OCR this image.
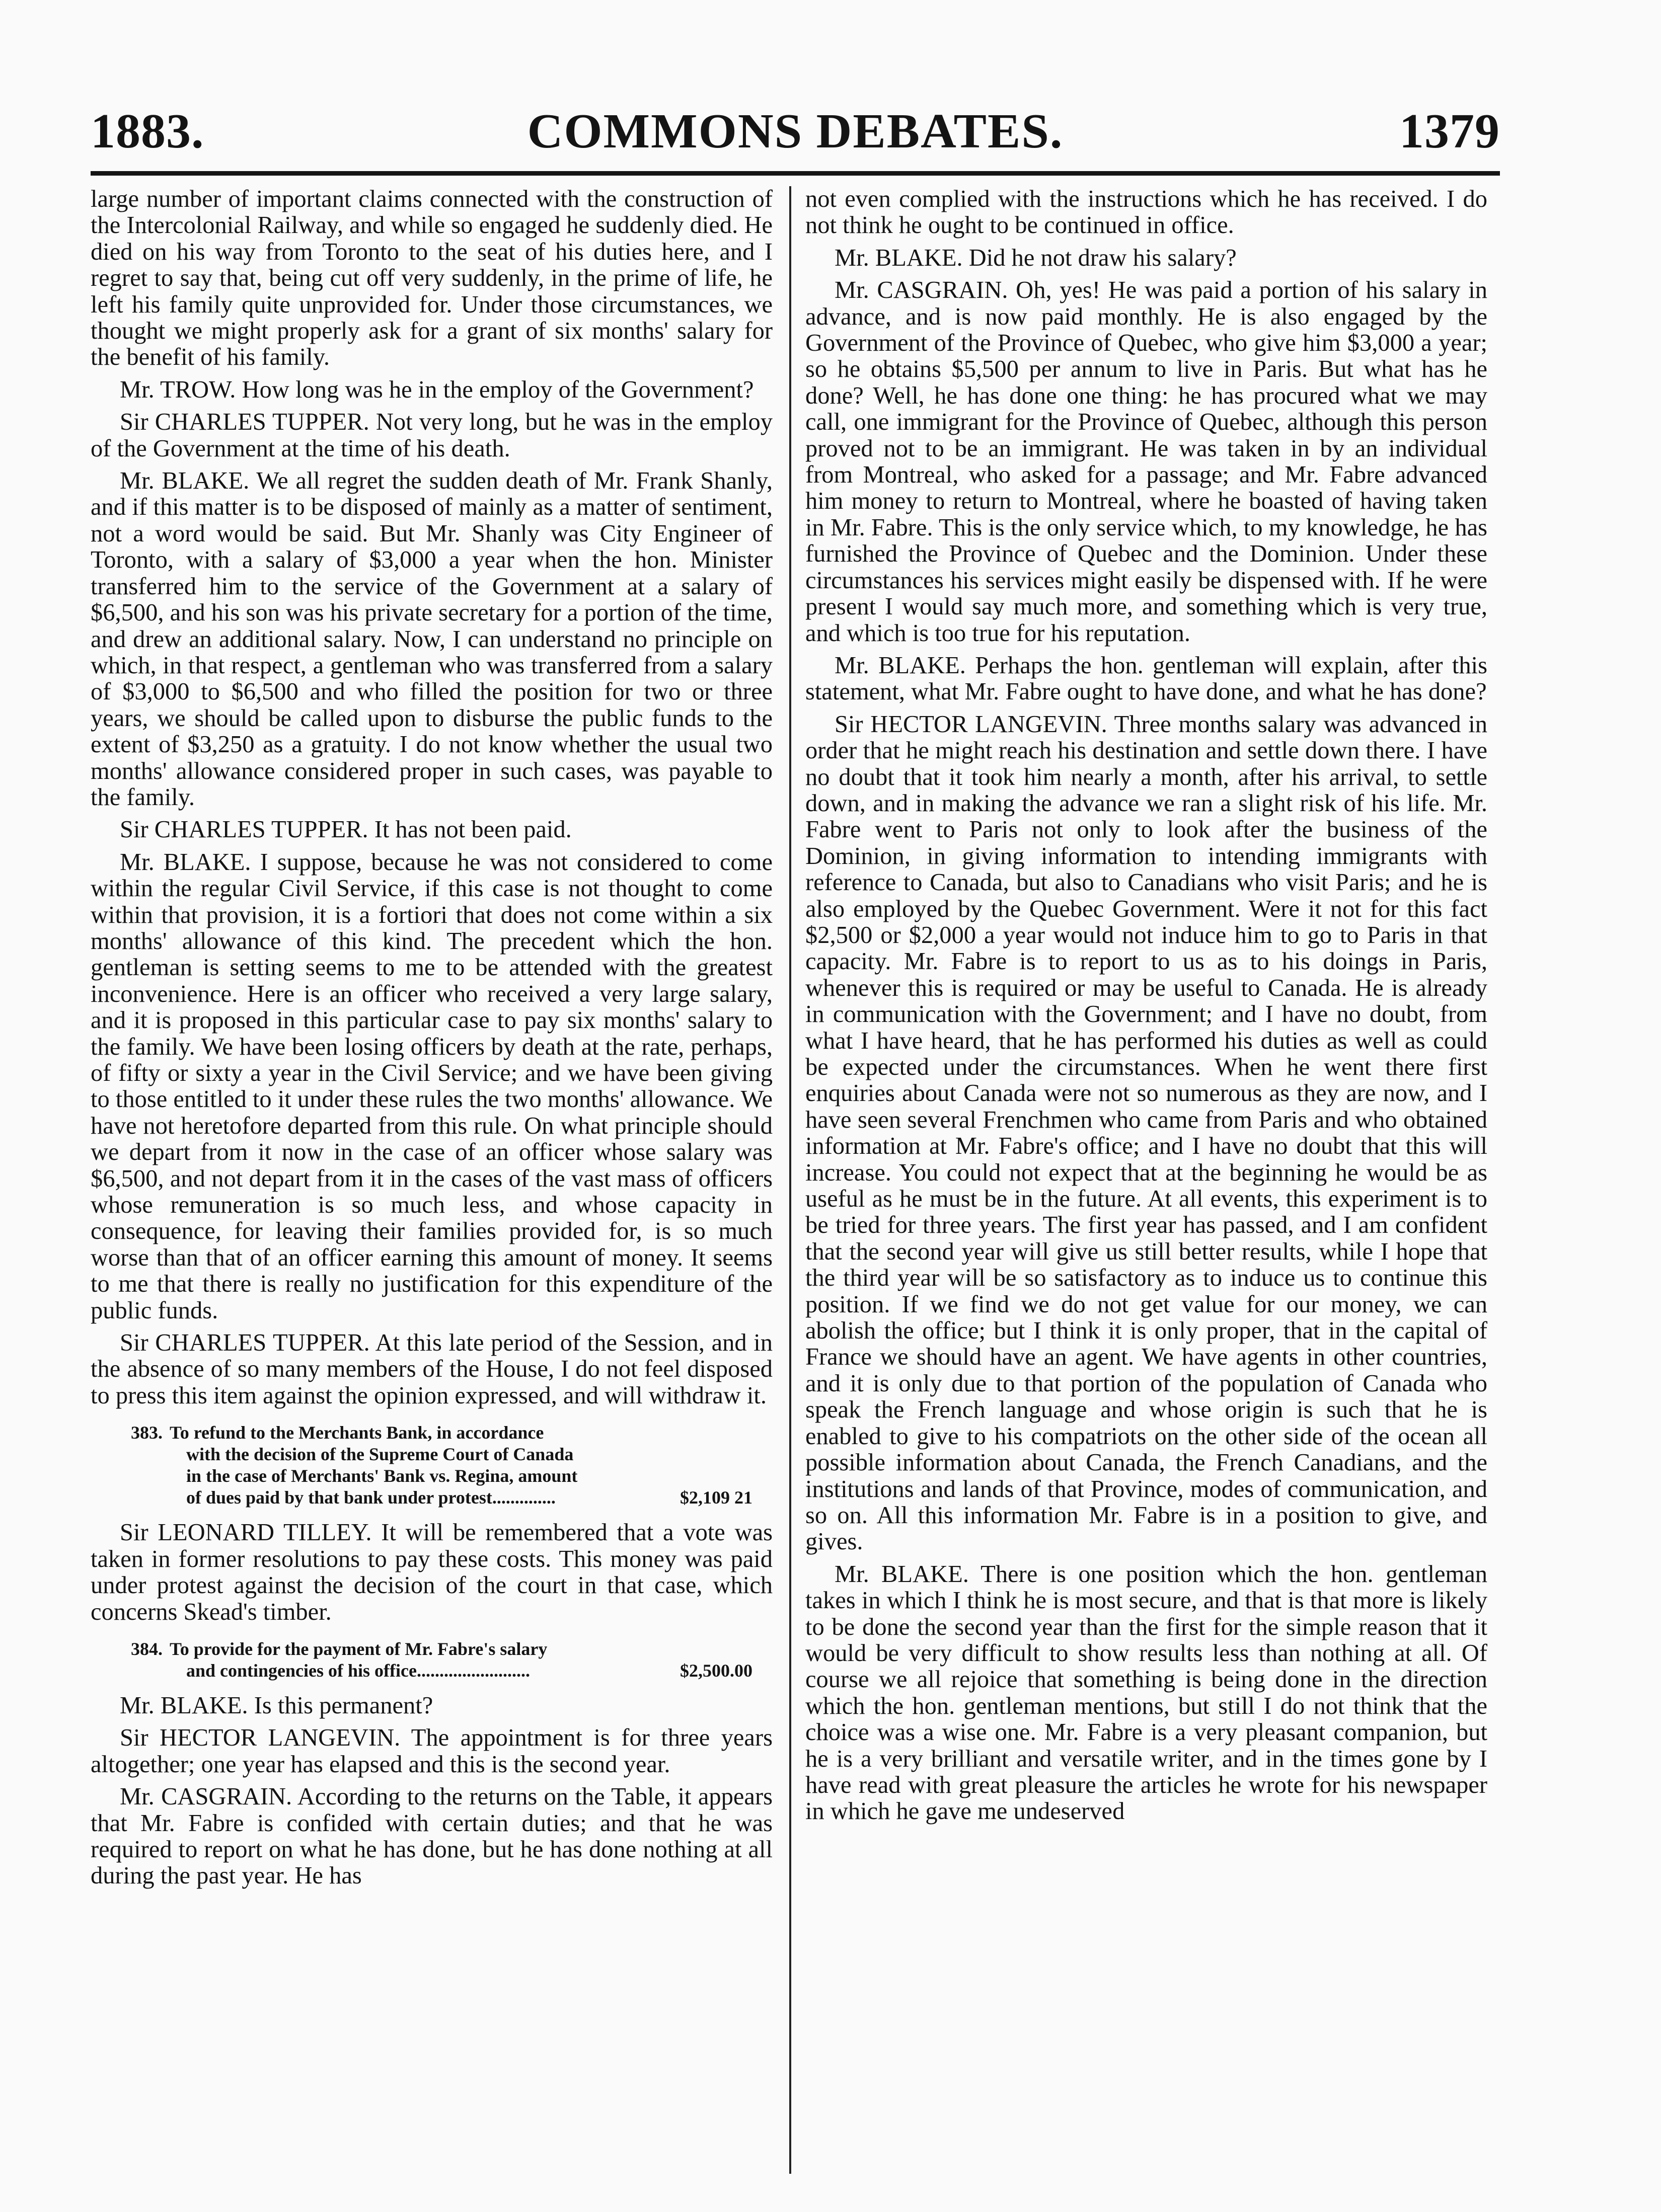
1883.	COMMONS DEBATES.	1379

large number of important claims connected with the construction of the Intercolonial Railway, and while so engaged he suddenly died. He died on his way from Toronto to the seat of his duties here, and I regret to say that, being cut off very suddenly, in the prime of life, he left his family quite unprovided for. Under those circumstances, we thought we might properly ask for a grant of six months' salary for the benefit of his family.

Mr. TROW. How long was he in the employ of the Government?

Sir CHARLES TUPPER. Not very long, but he was in the employ of the Government at the time of his death.

Mr. BLAKE. We all regret the sudden death of Mr. Frank Shanly, and if this matter is to be disposed of mainly as a matter of sentiment, not a word would be said. But Mr. Shanly was City Engineer of Toronto, with a salary of $3,000 a year when the hon. Minister transferred him to the service of the Government at a salary of $6,500, and his son was his private secretary for a portion of the time, and drew an additional salary. Now, I can understand no principle on which, in that respect, a gentleman who was transferred from a salary of $3,000 to $6,500 and who filled the position for two or three years, we should be called upon to disburse the public funds to the extent of $3,250 as a gratuity. I do not know whether the usual two months' allowance considered proper in such cases, was payable to the family.

Sir CHARLES TUPPER. It has not been paid.

Mr. BLAKE. I suppose, because he was not considered to come within the regular Civil Service, if this case is not thought to come within that provision, it is a fortiori that does not come within a six months' allowance of this kind. The precedent which the hon. gentleman is setting seems to me to be attended with the greatest inconvenience. Here is an officer who received a very large salary, and it is proposed in this particular case to pay six months' salary to the family. We have been losing officers by death at the rate, perhaps, of fifty or sixty a year in the Civil Service; and we have been giving to those entitled to it under these rules the two months' allowance. We have not heretofore departed from this rule. On what principle should we depart from it now in the case of an officer whose salary was $6,500, and not depart from it in the cases of the vast mass of officers whose remuneration is so much less, and whose capacity in consequence, for leaving their families provided for, is so much worse than that of an officer earning this amount of money. It seems to me that there is really no justification for this expenditure of the public funds.

Sir CHARLES TUPPER. At this late period of the Session, and in the absence of so many members of the House, I do not feel disposed to press this item against the opinion expressed, and will withdraw it.

383. To refund to the Merchants Bank, in accordance
with the decision of the Supreme Court of Canada
in the case of Merchants' Bank vs. Regina, amount
$2,109 21
of dues paid by that bank under protest..............

Sir LEONARD TILLEY. It will be remembered that a vote was taken in former resolutions to pay these costs. This money was paid under protest against the decision of the court in that case, which concerns Skead's timber.

384. To provide for the payment of Mr. Fabre's salary
$2,500.00
and contingencies of his office.........................

Mr. BLAKE. Is this permanent?

Sir HECTOR LANGEVIN. The appointment is for three years altogether; one year has elapsed and this is the second year.

Mr. CASGRAIN. According to the returns on the Table, it appears that Mr. Fabre is confided with certain duties; and that he was required to report on what he has done, but he has done nothing at all during the past year. He has

not even complied with the instructions which he has received. I do not think he ought to be continued in office.

Mr. BLAKE. Did he not draw his salary?

Mr. CASGRAIN. Oh, yes! He was paid a portion of his salary in advance, and is now paid monthly. He is also engaged by the Government of the Province of Quebec, who give him $3,000 a year; so he obtains $5,500 per annum to live in Paris. But what has he done? Well, he has done one thing: he has procured what we may call, one immigrant for the Province of Quebec, although this person proved not to be an immigrant. He was taken in by an individual from Montreal, who asked for a passage; and Mr. Fabre advanced him money to return to Montreal, where he boasted of having taken in Mr. Fabre. This is the only service which, to my knowledge, he has furnished the Province of Quebec and the Dominion. Under these circumstances his services might easily be dispensed with. If he were present I would say much more, and something which is very true, and which is too true for his reputation.

Mr. BLAKE. Perhaps the hon. gentleman will explain, after this statement, what Mr. Fabre ought to have done, and what he has done?

Sir HECTOR LANGEVIN. Three months salary was advanced in order that he might reach his destination and settle down there. I have no doubt that it took him nearly a month, after his arrival, to settle down, and in making the advance we ran a slight risk of his life. Mr. Fabre went to Paris not only to look after the business of the Dominion, in giving information to intending immigrants with reference to Canada, but also to Canadians who visit Paris; and he is also employed by the Quebec Government. Were it not for this fact $2,500 or $2,000 a year would not induce him to go to Paris in that capacity. Mr. Fabre is to report to us as to his doings in Paris, whenever this is required or may be useful to Canada. He is already in communication with the Government; and I have no doubt, from what I have heard, that he has performed his duties as well as could be expected under the circumstances. When he went there first enquiries about Canada were not so numerous as they are now, and I have seen several Frenchmen who came from Paris and who obtained information at Mr. Fabre's office; and I have no doubt that this will increase. You could not expect that at the beginning he would be as useful as he must be in the future. At all events, this experiment is to be tried for three years. The first year has passed, and I am confident that the second year will give us still better results, while I hope that the third year will be so satisfactory as to induce us to continue this position. If we find we do not get value for our money, we can abolish the office; but I think it is only proper, that in the capital of France we should have an agent. We have agents in other countries, and it is only due to that portion of the population of Canada who speak the French language and whose origin is such that he is enabled to give to his compatriots on the other side of the ocean all possible information about Canada, the French Canadians, and the institutions and lands of that Province, modes of communication, and so on. All this information Mr. Fabre is in a position to give, and gives.

Mr. BLAKE. There is one position which the hon. gentleman takes in which I think he is most secure, and that is that more is likely to be done the second year than the first for the simple reason that it would be very difficult to show results less than nothing at all. Of course we all rejoice that something is being done in the direction which the hon. gentleman mentions, but still I do not think that the choice was a wise one. Mr. Fabre is a very pleasant companion, but he is a very brilliant and versatile writer, and in the times gone by I have read with great pleasure the articles he wrote for his newspaper in which he gave me undeserved
